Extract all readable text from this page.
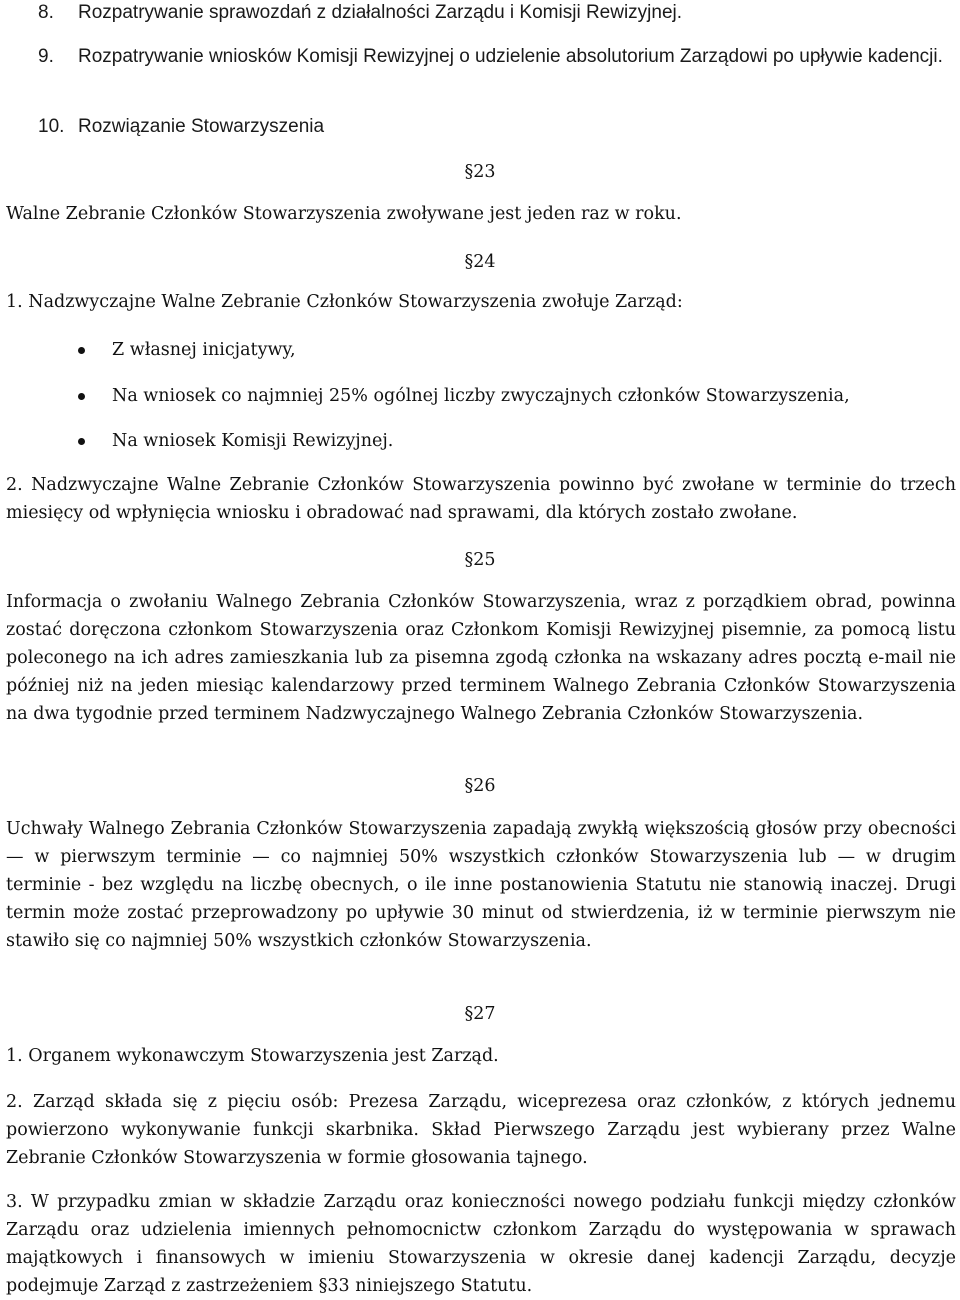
8.	Rozpatrywanie sprawozdań z działalności Zarządu i Komisji Rewizyjnej.
9.	Rozpatrywanie wniosków Komisji Rewizyjnej o udzielenie absolutorium Zarządowi po upływie kadencji.
10. Rozwiązanie Stowarzyszenia

§23

Walne Zebranie Członków Stowarzyszenia zwoływane jest jeden raz w roku.

§24

1. Nadzwyczajne Walne Zebranie Członków Stowarzyszenia zwołuje Zarząd:

Z własnej inicjatywy,
Na wniosek co najmniej 25% ogólnej liczby zwyczajnych członków Stowarzyszenia,
Na wniosek Komisji Rewizyjnej.

2. Nadzwyczajne Walne Zebranie Członków Stowarzyszenia powinno być zwołane w terminie do trzech miesięcy od wpłynięcia wniosku i obradować nad sprawami, dla których zostało zwołane.

§25

Informacja o zwołaniu Walnego Zebrania Członków Stowarzyszenia, wraz z porządkiem obrad, powinna zostać doręczona członkom Stowarzyszenia oraz Członkom Komisji Rewizyjnej pisemnie, za pomocą listu poleconego na ich adres zamieszkania lub za pisemna zgodą członka na wskazany adres pocztą e-mail nie później niż na jeden miesiąc kalendarzowy przed terminem Walnego Zebrania Członków Stowarzyszenia na dwa tygodnie przed terminem Nadzwyczajnego Walnego Zebrania Członków Stowarzyszenia.

§26

Uchwały Walnego Zebrania Członków Stowarzyszenia zapadają zwykłą większością głosów przy obecności — w pierwszym terminie — co najmniej 50% wszystkich członków Stowarzyszenia lub — w drugim terminie - bez względu na liczbę obecnych, o ile inne postanowienia Statutu nie stanowią inaczej. Drugi termin może zostać przeprowadzony po upływie 30 minut od stwierdzenia, iż w terminie pierwszym nie stawiło się co najmniej 50% wszystkich członków Stowarzyszenia.

§27

1. Organem wykonawczym Stowarzyszenia jest Zarząd.

2. Zarząd składa się z pięciu osób: Prezesa Zarządu, wiceprezesa oraz członków, z których jednemu powierzono wykonywanie funkcji skarbnika. Skład Pierwszego Zarządu jest wybierany przez Walne Zebranie Członków Stowarzyszenia w formie głosowania tajnego.

3. W przypadku zmian w składzie Zarządu oraz konieczności nowego podziału funkcji między członków Zarządu oraz udzielenia imiennych pełnomocnictw członkom Zarządu do występowania w sprawach majątkowych i finansowych w imieniu Stowarzyszenia w okresie danej kadencji Zarządu, decyzje podejmuje Zarząd z zastrzeżeniem §33 niniejszego Statutu.
